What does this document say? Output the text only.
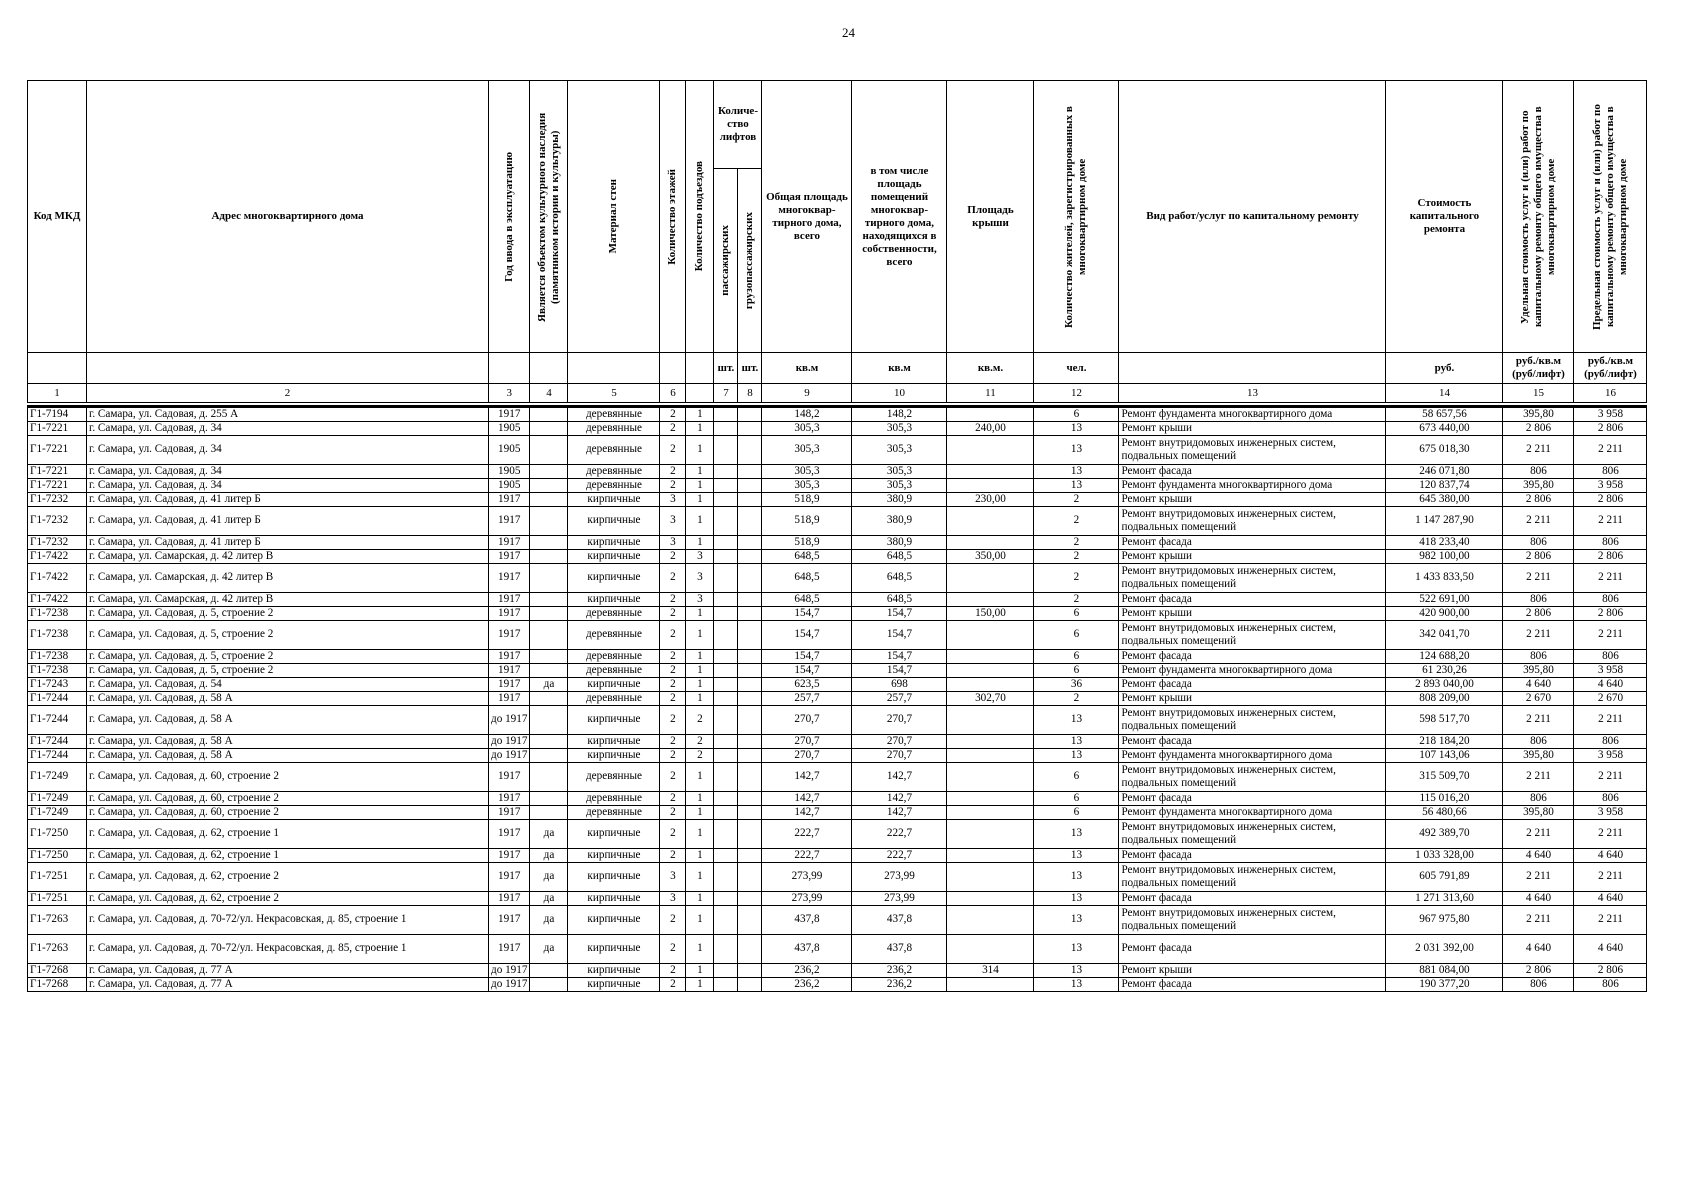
24
Код МКД	Адрес многоквартирного дома	Год ввода в эксплуатацию	Является объектом культурного наследия (памятником истории и культуры)	Материал стен	Количество этажей	Количество подъездов	Количе-ство лифтов		Общая площадь многоквар-тирного дома, всего	в том числе площадь помещений многоквар-тирного дома, находящихся в собственности, всего	Площадь крыши	Количество жителей, зарегистрированных в многоквартирном доме	Вид работ/услуг по капитальному ремонту	Стоимость капитального ремонта	Удельная стоимость услуг и (или) работ по капитальному ремонту общего имущества в многоквартирном доме	Предельная стоимость услуг и (или) работ по капитальному ремонту общего имущества в многоквартирном доме

							пассажирских	грузопассажирских								

							шт.	шт.	кв.м	кв.м	кв.м.	чел.		руб.	руб./кв.м (руб/лифт)	руб./кв.м (руб/лифт)
1	2	3	4	5	6		7	8	9	10	11	12	13	14	15	16

Г1-7194	г. Самара, ул. Садовая, д. 255 А	1917		деревянные	2	1			148,2	148,2		6	Ремонт фундамента многоквартирного дома	58 657,56	395,80	3 958
Г1-7221	г. Самара, ул. Садовая, д. 34	1905		деревянные	2	1			305,3	305,3	240,00	13	Ремонт крыши	673 440,00	2 806	2 806
Г1-7221	г. Самара, ул. Садовая, д. 34	1905		деревянные	2	1			305,3	305,3		13	Ремонт внутридомовых инженерных систем, подвальных помещений	675 018,30	2 211	2 211
Г1-7221	г. Самара, ул. Садовая, д. 34	1905		деревянные	2	1			305,3	305,3		13	Ремонт фасада	246 071,80	806	806
Г1-7221	г. Самара, ул. Садовая, д. 34	1905		деревянные	2	1			305,3	305,3		13	Ремонт фундамента многоквартирного дома	120 837,74	395,80	3 958
Г1-7232	г. Самара, ул. Садовая, д. 41 литер Б	1917		кирпичные	3	1			518,9	380,9	230,00	2	Ремонт крыши	645 380,00	2 806	2 806
Г1-7232	г. Самара, ул. Садовая, д. 41 литер Б	1917		кирпичные	3	1			518,9	380,9		2	Ремонт внутридомовых инженерных систем, подвальных помещений	1 147 287,90	2 211	2 211
Г1-7232	г. Самара, ул. Садовая, д. 41 литер Б	1917		кирпичные	3	1			518,9	380,9		2	Ремонт фасада	418 233,40	806	806
Г1-7422	г. Самара, ул. Самарская, д. 42 литер В	1917		кирпичные	2	3			648,5	648,5	350,00	2	Ремонт крыши	982 100,00	2 806	2 806
Г1-7422	г. Самара, ул. Самарская, д. 42 литер В	1917		кирпичные	2	3			648,5	648,5		2	Ремонт внутридомовых инженерных систем, подвальных помещений	1 433 833,50	2 211	2 211
Г1-7422	г. Самара, ул. Самарская, д. 42 литер В	1917		кирпичные	2	3			648,5	648,5		2	Ремонт фасада	522 691,00	806	806
Г1-7238	г. Самара, ул. Садовая, д. 5, строение 2	1917		деревянные	2	1			154,7	154,7	150,00	6	Ремонт крыши	420 900,00	2 806	2 806
Г1-7238	г. Самара, ул. Садовая, д. 5, строение 2	1917		деревянные	2	1			154,7	154,7		6	Ремонт внутридомовых инженерных систем, подвальных помещений	342 041,70	2 211	2 211
Г1-7238	г. Самара, ул. Садовая, д. 5, строение 2	1917		деревянные	2	1			154,7	154,7		6	Ремонт фасада	124 688,20	806	806
Г1-7238	г. Самара, ул. Садовая, д. 5, строение 2	1917		деревянные	2	1			154,7	154,7		6	Ремонт фундамента многоквартирного дома	61 230,26	395,80	3 958
Г1-7243	г. Самара, ул. Садовая, д. 54	1917	да	кирпичные	2	1			623,5	698		36	Ремонт фасада	2 893 040,00	4 640	4 640
Г1-7244	г. Самара, ул. Садовая, д. 58 А	1917		деревянные	2	1			257,7	257,7	302,70	2	Ремонт крыши	808 209,00	2 670	2 670
Г1-7244	г. Самара, ул. Садовая, д. 58 А	до 1917		кирпичные	2	2			270,7	270,7		13	Ремонт внутридомовых инженерных систем, подвальных помещений	598 517,70	2 211	2 211
Г1-7244	г. Самара, ул. Садовая, д. 58 А	до 1917		кирпичные	2	2			270,7	270,7		13	Ремонт фасада	218 184,20	806	806
Г1-7244	г. Самара, ул. Садовая, д. 58 А	до 1917		кирпичные	2	2			270,7	270,7		13	Ремонт фундамента многоквартирного дома	107 143,06	395,80	3 958
Г1-7249	г. Самара, ул. Садовая, д. 60, строение 2	1917		деревянные	2	1			142,7	142,7		6	Ремонт внутридомовых инженерных систем, подвальных помещений	315 509,70	2 211	2 211
Г1-7249	г. Самара, ул. Садовая, д. 60, строение 2	1917		деревянные	2	1			142,7	142,7		6	Ремонт фасада	115 016,20	806	806
Г1-7249	г. Самара, ул. Садовая, д. 60, строение 2	1917		деревянные	2	1			142,7	142,7		6	Ремонт фундамента многоквартирного дома	56 480,66	395,80	3 958
Г1-7250	г. Самара, ул. Садовая, д. 62, строение 1	1917	да	кирпичные	2	1			222,7	222,7		13	Ремонт внутридомовых инженерных систем, подвальных помещений	492 389,70	2 211	2 211
Г1-7250	г. Самара, ул. Садовая, д. 62, строение 1	1917	да	кирпичные	2	1			222,7	222,7		13	Ремонт фасада	1 033 328,00	4 640	4 640
Г1-7251	г. Самара, ул. Садовая, д. 62, строение 2	1917	да	кирпичные	3	1			273,99	273,99		13	Ремонт внутридомовых инженерных систем, подвальных помещений	605 791,89	2 211	2 211
Г1-7251	г. Самара, ул. Садовая, д. 62, строение 2	1917	да	кирпичные	3	1			273,99	273,99		13	Ремонт фасада	1 271 313,60	4 640	4 640
Г1-7263	г. Самара, ул. Садовая, д. 70-72/ул. Некрасовская, д. 85, строение 1	1917	да	кирпичные	2	1			437,8	437,8		13	Ремонт внутридомовых инженерных систем, подвальных помещений	967 975,80	2 211	2 211
Г1-7263	г. Самара, ул. Садовая, д. 70-72/ул. Некрасовская, д. 85, строение 1	1917	да	кирпичные	2	1			437,8	437,8		13	Ремонт фасада	2 031 392,00	4 640	4 640
Г1-7268	г. Самара, ул. Садовая, д. 77 А	до 1917		кирпичные	2	1			236,2	236,2	314	13	Ремонт крыши	881 084,00	2 806	2 806
Г1-7268	г. Самара, ул. Садовая, д. 77 А	до 1917		кирпичные	2	1			236,2	236,2		13	Ремонт фасада	190 377,20	806	806
